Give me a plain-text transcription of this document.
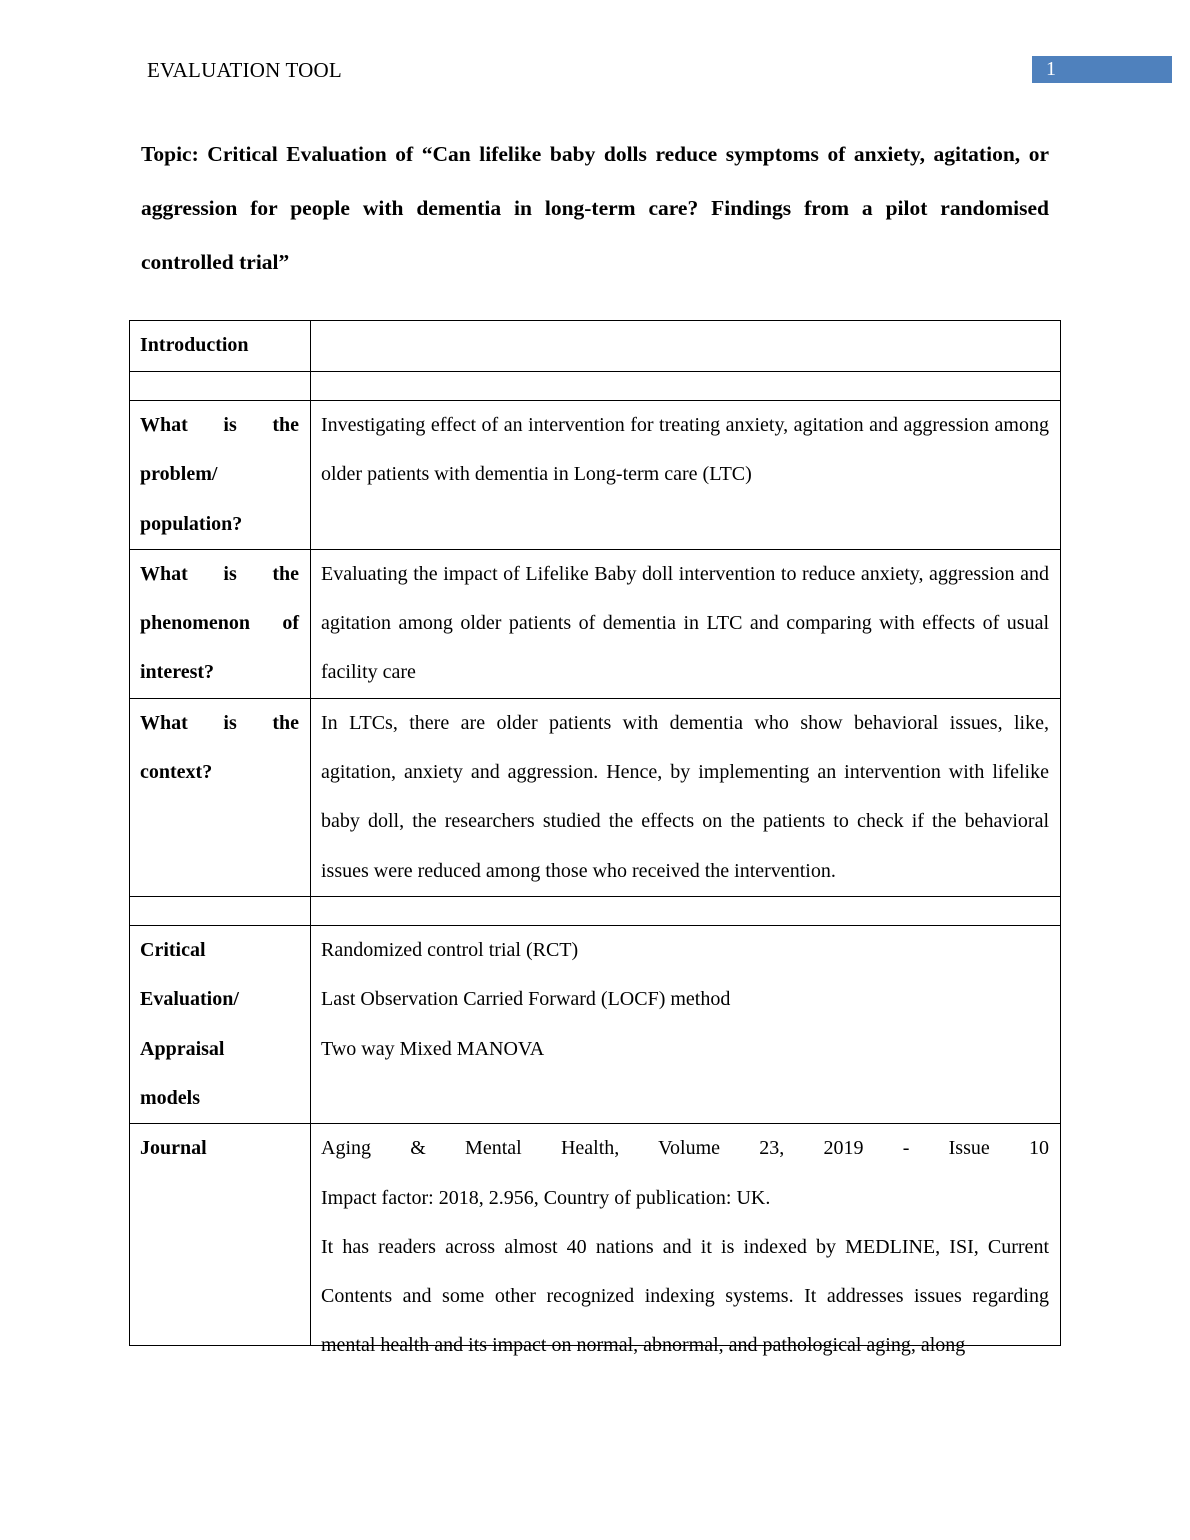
EVALUATION TOOL	1

Topic: Critical Evaluation of “Can lifelike baby dolls reduce symptoms of anxiety, agitation, or aggression for people with dementia in long-term care? Findings from a pilot randomised controlled trial”

Introduction	

What is the problem/ population?	Investigating effect of an intervention for treating anxiety, agitation and aggression among older patients with dementia in Long-term care (LTC)
What is the phenomenon of interest?	Evaluating the impact of Lifelike Baby doll intervention to reduce anxiety, aggression and agitation among older patients of dementia in LTC and comparing with effects of usual facility care
What is the context?	In LTCs, there are older patients with dementia who show behavioral issues, like, agitation, anxiety and aggression. Hence, by implementing an intervention with lifelike baby doll, the researchers studied the effects on the patients to check if the behavioral issues were reduced among those who received the intervention.

Critical
Evaluation/
Appraisal
models	Randomized control trial (RCT)
Last Observation Carried Forward (LOCF) method
Two way Mixed MANOVA

Journal	Aging & Mental Health, Volume 23, 2019 - Issue 10
Impact factor: 2018, 2.956, Country of publication: UK.
It has readers across almost 40 nations and it is indexed by MEDLINE, ISI, Current Contents and some other recognized indexing systems. It addresses issues regarding mental health and its impact on normal, abnormal, and pathological aging, along
